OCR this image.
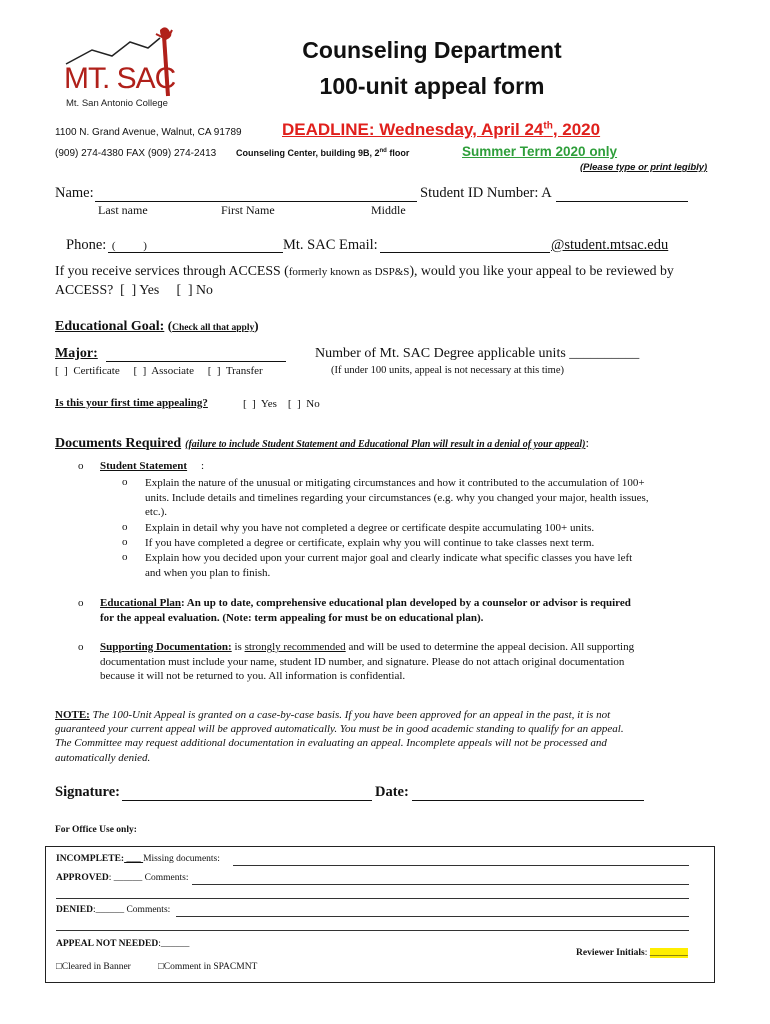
MT. SAC
Mt. San Antonio College
Counseling Department
100-unit appeal form
1100 N. Grand Avenue, Walnut, CA 91789
(909) 274-4380 FAX (909) 274-2413 Counseling Center, building 9B, 2nd floor
DEADLINE: Wednesday, April 24th, 2020
Summer Term 2020 only
(Please type or print legibly)
Name:	Student ID Number: A
Last name	First Name	Middle
Phone: (	)	Mt. SAC Email:	@student.mtsac.edu
If you receive services through ACCESS (formerly known as DSP&S), would you like your appeal to be reviewed by
ACCESS?  [  ] Yes     [  ] No
Educational Goal: (Check all that apply)
Major:	Number of Mt. SAC Degree applicable units __________
[  ]  Certificate     [  ]  Associate     [  ]  Transfer	(If under 100 units, appeal is not necessary at this time)
Is this your first time appealing?	[  ]  Yes    [  ]  No
Documents Required (failure to include Student Statement and Educational Plan will result in a denial of your appeal):
o Student Statement :
o Explain the nature of the unusual or mitigating circumstances and how it contributed to the accumulation of 100+
units. Include details and timelines regarding your circumstances (e.g. why you changed your major, health issues,
etc.).
o Explain in detail why you have not completed a degree or certificate despite accumulating 100+ units.
o If you have completed a degree or certificate, explain why you will continue to take classes next term.
o Explain how you decided upon your current major goal and clearly indicate what specific classes you have left
and when you plan to finish.
o Educational Plan: An up to date, comprehensive educational plan developed by a counselor or advisor is required
for the appeal evaluation. (Note: term appealing for must be on educational plan).
o Supporting Documentation: is strongly recommended and will be used to determine the appeal decision. All supporting
documentation must include your name, student ID number, and signature. Please do not attach original documentation
because it will not be returned to you. All information is confidential.
NOTE: The 100-Unit Appeal is granted on a case-by-case basis. If you have been approved for an appeal in the past, it is not
guaranteed your current appeal will be approved automatically. You must be in good academic standing to qualify for an appeal.
The Committee may request additional documentation in evaluating an appeal. Incomplete appeals will not be processed and
automatically denied.
Signature:	Date:
For Office Use only:
INCOMPLETE: ___ Missing documents:
APPROVED: ______ Comments:
DENIED:______ Comments:
APPEAL NOT NEEDED:______
□Cleared in Banner	□Comment in SPACMNT
Reviewer Initials: ________
